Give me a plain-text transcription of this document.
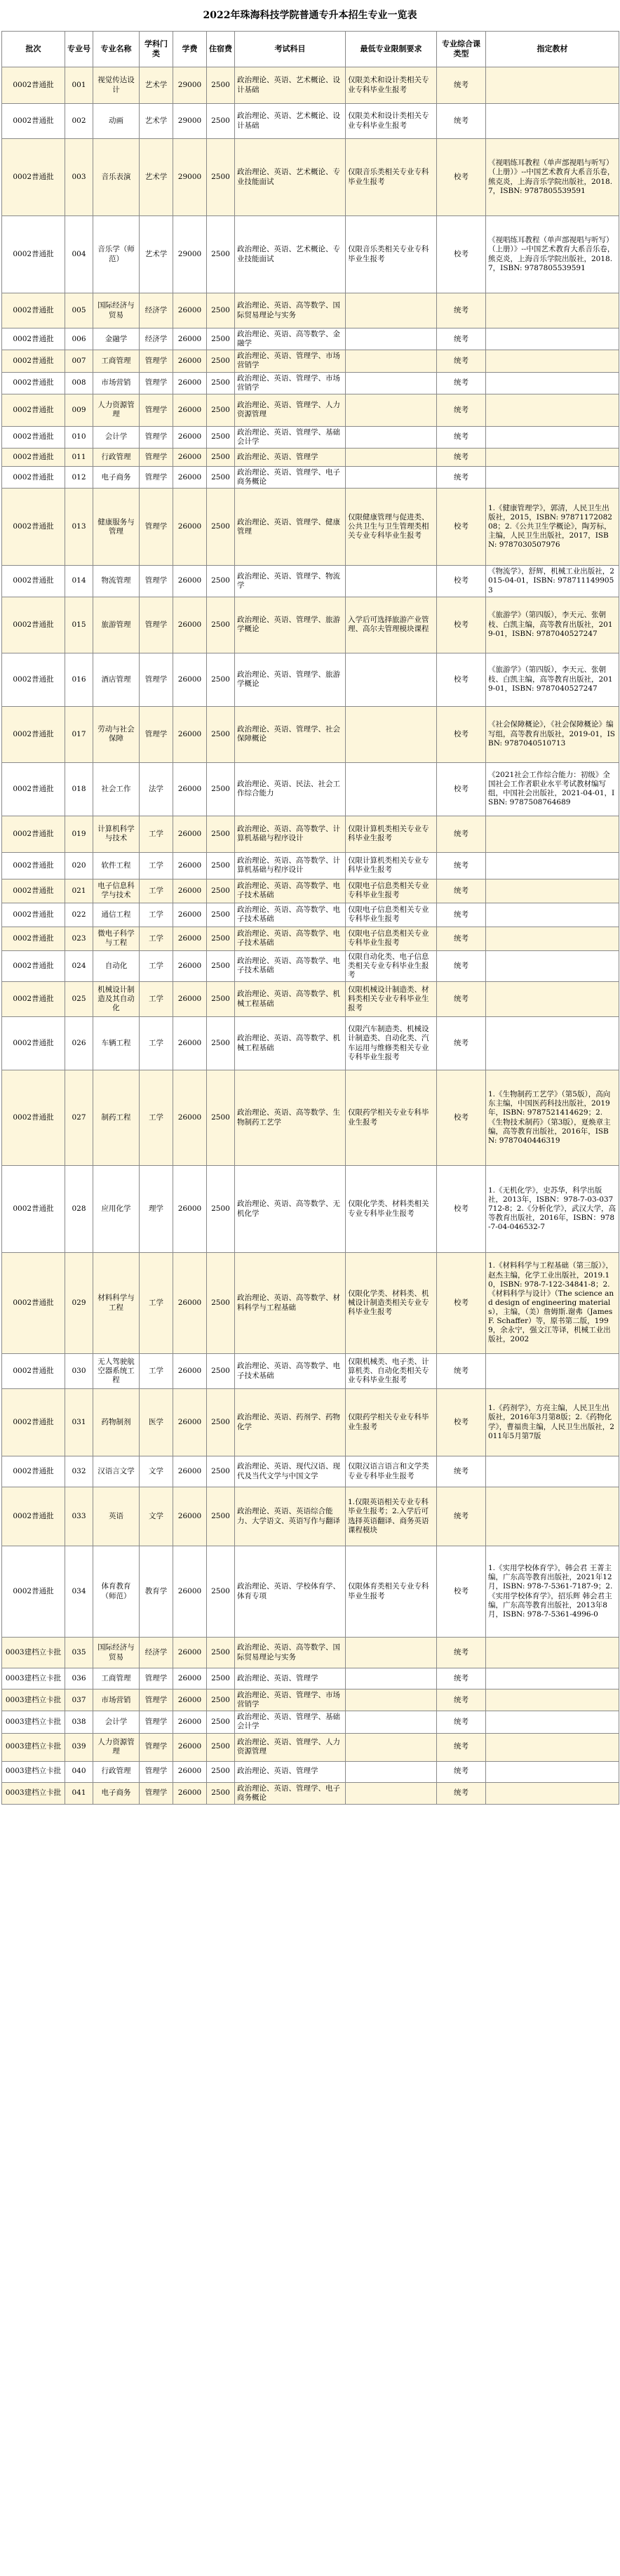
2022年珠海科技学院普通专升本招生专业一览表
批次	专业号	专业名称	学科门类	学费	住宿费	考试科目	最低专业限制要求	专业综合课类型	指定教材
0002普通批	001	视觉传达设计	艺术学	29000	2500	政治理论、英语、艺术概论、设计基础	仅限美术和设计类相关专业专科毕业生报考	统考	
0002普通批	002	动画	艺术学	29000	2500	政治理论、英语、艺术概论、设计基础	仅限美术和设计类相关专业专科毕业生报考	统考	
0002普通批	003	音乐表演	艺术学	29000	2500	政治理论、英语、艺术概论、专业技能面试	仅限音乐类相关专业专科毕业生报考	校考	《视唱练耳教程（单声部视唱与听写）（上册）》--中国艺术教育大系音乐卷，熊克炎，上海音乐学院出版社，2018.7，ISBN: 9787805539591
0002普通批	004	音乐学（师范）	艺术学	29000	2500	政治理论、英语、艺术概论、专业技能面试	仅限音乐类相关专业专科毕业生报考	校考	《视唱练耳教程（单声部视唱与听写）（上册）》--中国艺术教育大系音乐卷，熊克炎，上海音乐学院出版社，2018.7，ISBN: 9787805539591
0002普通批	005	国际经济与贸易	经济学	26000	2500	政治理论、英语、高等数学、国际贸易理论与实务		统考	
0002普通批	006	金融学	经济学	26000	2500	政治理论、英语、高等数学、金融学		统考	
0002普通批	007	工商管理	管理学	26000	2500	政治理论、英语、管理学、市场营销学		统考	
0002普通批	008	市场营销	管理学	26000	2500	政治理论、英语、管理学、市场营销学		统考	
0002普通批	009	人力资源管理	管理学	26000	2500	政治理论、英语、管理学、人力资源管理		统考	
0002普通批	010	会计学	管理学	26000	2500	政治理论、英语、管理学、基础会计学		统考	
0002普通批	011	行政管理	管理学	26000	2500	政治理论、英语、管理学		统考	
0002普通批	012	电子商务	管理学	26000	2500	政治理论、英语、管理学、电子商务概论		统考	
0002普通批	013	健康服务与管理	管理学	26000	2500	政治理论、英语、管理学、健康管理	仅限健康管理与促进类、公共卫生与卫生管理类相关专业专科毕业生报考	校考	1.《健康管理学》，郭清，人民卫生出版社，2015，ISBN: 9787117208208；2.《公共卫生学概论》，陶芳标，主编，人民卫生出版社，2017，ISBN: 9787030507976
0002普通批	014	物流管理	管理学	26000	2500	政治理论、英语、管理学、物流学		校考	《物流学》，舒辉，机械工业出版社，2015-04-01，ISBN: 9787111499053
0002普通批	015	旅游管理	管理学	26000	2500	政治理论、英语、管理学、旅游学概论	入学后可选择旅游产业管理、高尔夫管理模块课程	校考	《旅游学》（第四版），李天元、张朝枝、白凯主编，高等教育出版社，2019-01，ISBN: 9787040527247
0002普通批	016	酒店管理	管理学	26000	2500	政治理论、英语、管理学、旅游学概论		校考	《旅游学》（第四版），李天元、张朝枝、白凯主编，高等教育出版社，2019-01，ISBN: 9787040527247
0002普通批	017	劳动与社会保障	管理学	26000	2500	政治理论、英语、管理学、社会保障概论		校考	《社会保障概论》，《社会保障概论》编写组，高等教育出版社，2019-01，ISBN: 9787040510713
0002普通批	018	社会工作	法学	26000	2500	政治理论、英语、民法、社会工作综合能力		校考	《2021社会工作综合能力：初级》全国社会工作者职业水平考试教材编写组，中国社会出版社，2021-04-01，ISBN: 9787508764689
0002普通批	019	计算机科学与技术	工学	26000	2500	政治理论、英语、高等数学、计算机基础与程序设计	仅限计算机类相关专业专科毕业生报考	统考	
0002普通批	020	软件工程	工学	26000	2500	政治理论、英语、高等数学、计算机基础与程序设计	仅限计算机类相关专业专科毕业生报考	统考	
0002普通批	021	电子信息科学与技术	工学	26000	2500	政治理论、英语、高等数学、电子技术基础	仅限电子信息类相关专业专科毕业生报考	统考	
0002普通批	022	通信工程	工学	26000	2500	政治理论、英语、高等数学、电子技术基础	仅限电子信息类相关专业专科毕业生报考	统考	
0002普通批	023	微电子科学与工程	工学	26000	2500	政治理论、英语、高等数学、电子技术基础	仅限电子信息类相关专业专科毕业生报考	统考	
0002普通批	024	自动化	工学	26000	2500	政治理论、英语、高等数学、电子技术基础	仅限自动化类、电子信息类相关专业专科毕业生报考	统考	
0002普通批	025	机械设计制造及其自动化	工学	26000	2500	政治理论、英语、高等数学、机械工程基础	仅限机械设计制造类、材料类相关专业专科毕业生报考	统考	
0002普通批	026	车辆工程	工学	26000	2500	政治理论、英语、高等数学、机械工程基础	仅限汽车制造类、机械设计制造类、自动化类、汽车运用与维修类相关专业专科毕业生报考	统考	
0002普通批	027	制药工程	工学	26000	2500	政治理论、英语、高等数学、生物制药工艺学	仅限药学相关专业专科毕业生报考	校考	1.《生物制药工艺学》（第5版），高向东主编，中国医药科技出版社，2019年，ISBN: 9787521414629；2.《生物技术制药》（第3版），夏焕章主编，高等教育出版社，2016年，ISBN: 9787040446319
0002普通批	028	应用化学	理学	26000	2500	政治理论、英语、高等数学、无机化学	仅限化学类、材料类相关专业专科毕业生报考	校考	1.《无机化学》，史苏华，科学出版社，2013年，ISBN：978-7-03-037712-8；2.《分析化学》，武汉大学，高等教育出版社，2016年，ISBN：978-7-04-046532-7
0002普通批	029	材料科学与工程	工学	26000	2500	政治理论、英语、高等数学、材料科学与工程基础	仅限化学类、材料类、机械设计制造类相关专业专科毕业生报考	校考	1.《材料科学与工程基础（第三版）》，赵杰主编，化学工业出版社，2019.10，ISBN: 978-7-122-34841-8；2.《材料科学与设计》（The science and design of engineering materials），主编，（美）詹姆斯.谢弗（James F. Schaffer）等，原书第二版，1999，余永宁，强文江等译，机械工业出版社，2002
0002普通批	030	无人驾驶航空器系统工程	工学	26000	2500	政治理论、英语、高等数学、电子技术基础	仅限机械类、电子类、计算机类、自动化类相关专业专科毕业生报考	统考	
0002普通批	031	药物制剂	医学	26000	2500	政治理论、英语、药剂学、药物化学	仅限药学相关专业专科毕业生报考	校考	1.《药剂学》，方亮主编，人民卫生出版社，2016年3月第8版；2.《药物化学》，曹福贵主编，人民卫生出版社，2011年5月第7版
0002普通批	032	汉语言文学	文学	26000	2500	政治理论、英语、现代汉语、现代及当代文学与中国文学	仅限汉语言语言和文学类专业专科毕业生报考	统考	
0002普通批	033	英语	文学	26000	2500	政治理论、英语、英语综合能力、大学语文、英语写作与翻译	1.仅限英语相关专业专科毕业生报考；2.入学后可选择英语翻译、商务英语课程模块	统考	
0002普通批	034	体育教育（师范）	教育学	26000	2500	政治理论、英语、学校体育学、体育专项	仅限体育类相关专业专科毕业生报考	校考	1.《实用学校体育学》，韩会君 王菁主编，广东高等教育出版社，2021年12月，ISBN: 978-7-5361-7187-9；2.《实用学校体育学》，招乐辉 韩会君主编，广东高等教育出版社，2013年8月，ISBN: 978-7-5361-4996-0
0003建档立卡批	035	国际经济与贸易	经济学	26000	2500	政治理论、英语、高等数学、国际贸易理论与实务		统考	
0003建档立卡批	036	工商管理	管理学	26000	2500	政治理论、英语、管理学		统考	
0003建档立卡批	037	市场营销	管理学	26000	2500	政治理论、英语、管理学、市场营销学		统考	
0003建档立卡批	038	会计学	管理学	26000	2500	政治理论、英语、管理学、基础会计学		统考	
0003建档立卡批	039	人力资源管理	管理学	26000	2500	政治理论、英语、管理学、人力资源管理		统考	
0003建档立卡批	040	行政管理	管理学	26000	2500	政治理论、英语、管理学		统考	
0003建档立卡批	041	电子商务	管理学	26000	2500	政治理论、英语、管理学、电子商务概论		统考	
